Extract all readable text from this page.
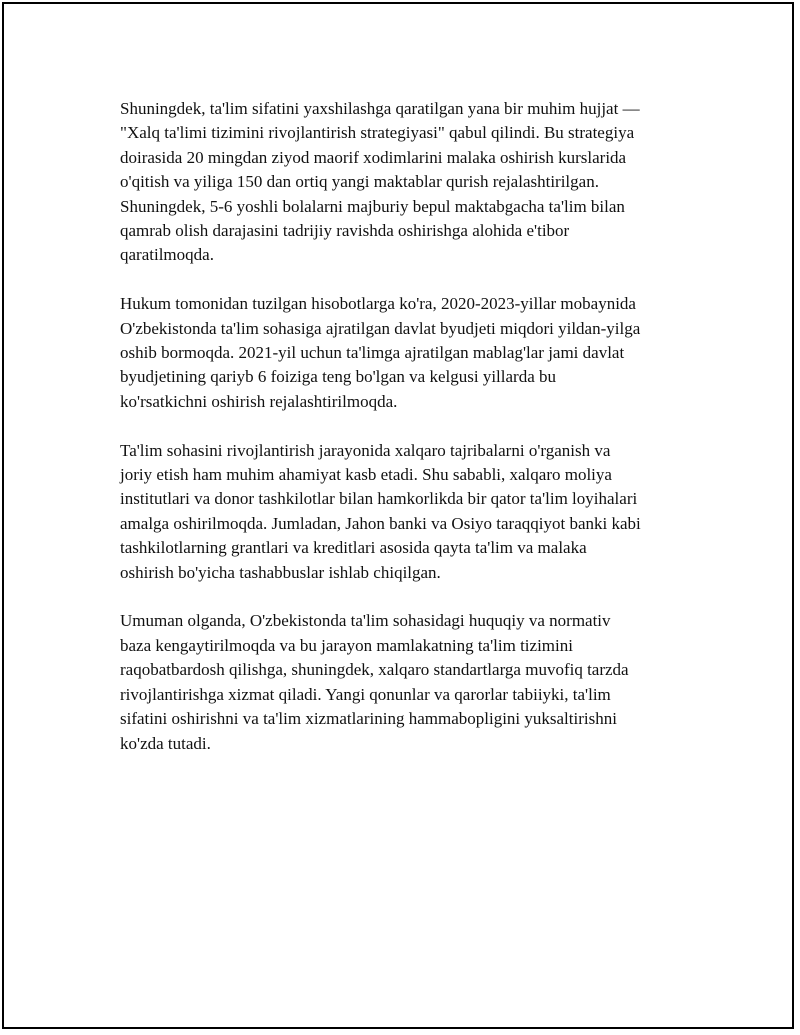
Shuningdek, ta'lim sifatini yaxshilashga qaratilgan yana bir muhim hujjat —
"Xalq ta'limi tizimini rivojlantirish strategiyasi" qabul qilindi. Bu strategiya
doirasida 20 mingdan ziyod maorif xodimlarini malaka oshirish kurslarida
o'qitish va yiliga 150 dan ortiq yangi maktablar qurish rejalashtirilgan.
Shuningdek, 5-6 yoshli bolalarni majburiy bepul maktabgacha ta'lim bilan
qamrab olish darajasini tadrijiy ravishda oshirishga alohida e'tibor
qaratilmoqda.

Hukum tomonidan tuzilgan hisobotlarga ko'ra, 2020-2023-yillar mobaynida
O'zbekistonda ta'lim sohasiga ajratilgan davlat byudjeti miqdori yildan-yilga
oshib bormoqda. 2021-yil uchun ta'limga ajratilgan mablag'lar jami davlat
byudjetining qariyb 6 foiziga teng bo'lgan va kelgusi yillarda bu
ko'rsatkichni oshirish rejalashtirilmoqda.

Ta'lim sohasini rivojlantirish jarayonida xalqaro tajribalarni o'rganish va
joriy etish ham muhim ahamiyat kasb etadi. Shu sababli, xalqaro moliya
institutlari va donor tashkilotlar bilan hamkorlikda bir qator ta'lim loyihalari
amalga oshirilmoqda. Jumladan, Jahon banki va Osiyo taraqqiyot banki kabi
tashkilotlarning grantlari va kreditlari asosida qayta ta'lim va malaka
oshirish bo'yicha tashabbuslar ishlab chiqilgan.

Umuman olganda, O'zbekistonda ta'lim sohasidagi huquqiy va normativ
baza kengaytirilmoqda va bu jarayon mamlakatning ta'lim tizimini
raqobatbardosh qilishga, shuningdek, xalqaro standartlarga muvofiq tarzda
rivojlantirishga xizmat qiladi. Yangi qonunlar va qarorlar tabiiyki, ta'lim
sifatini oshirishni va ta'lim xizmatlarining hammabopligini yuksaltirishni
ko'zda tutadi.
